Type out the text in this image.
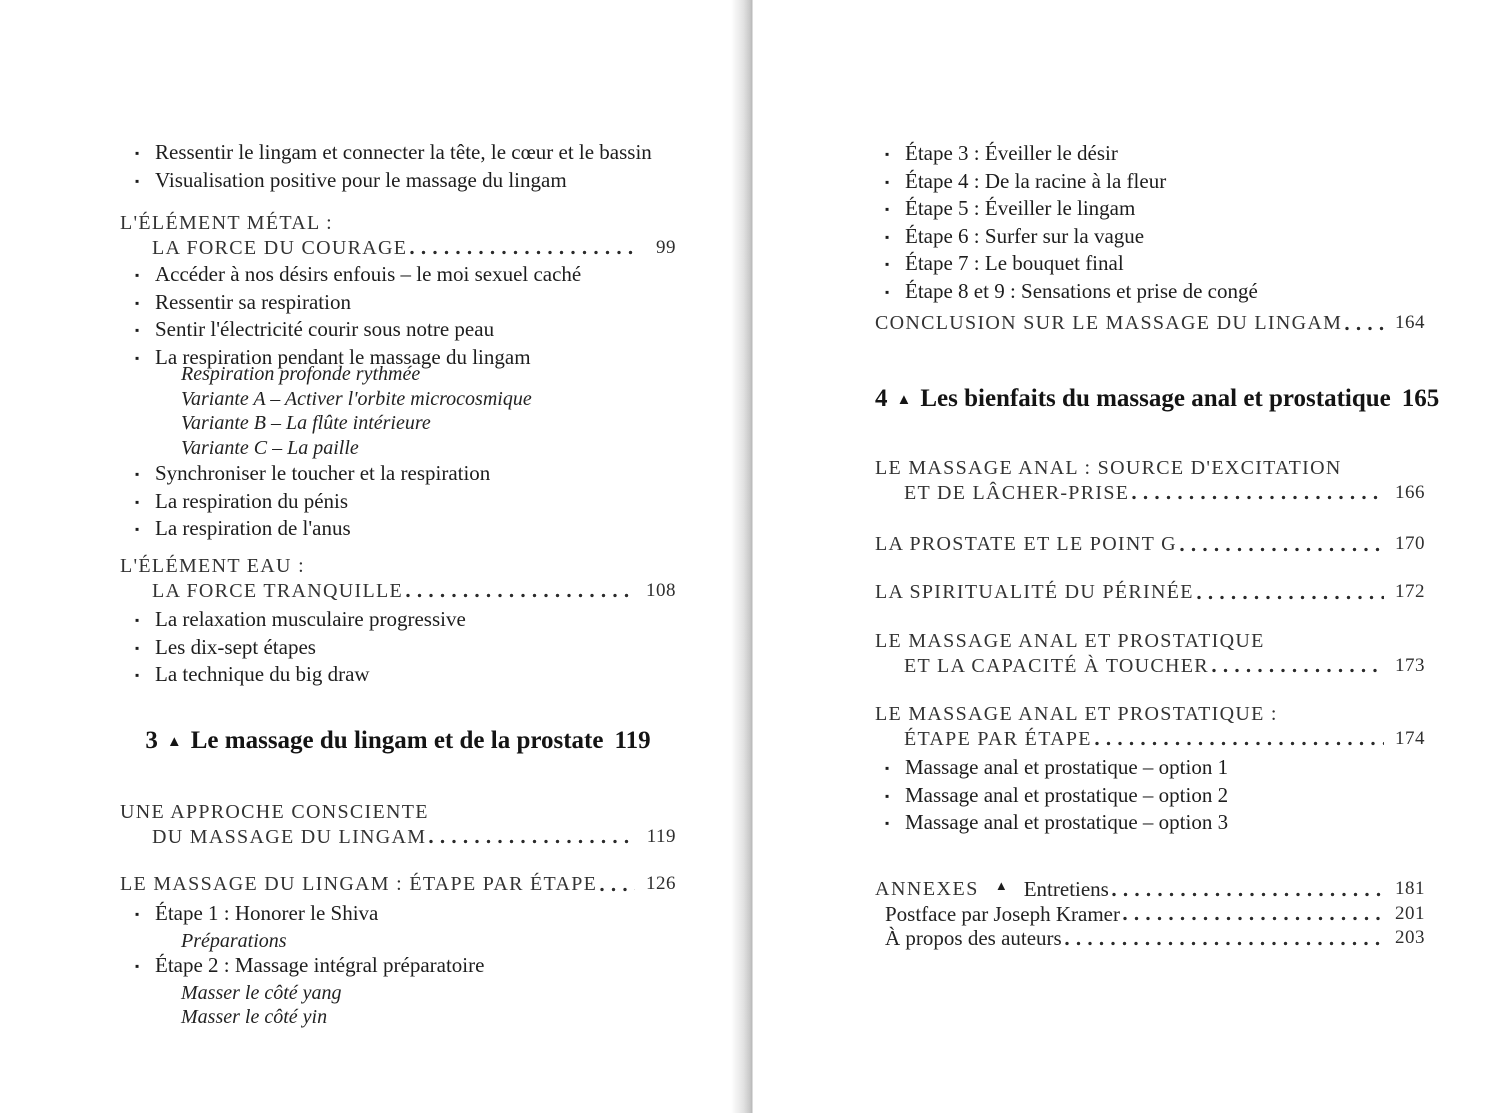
▪ Ressentir le lingam et connecter la tête, le cœur et le bassin
▪ Visualisation positive pour le massage du lingam
L'ÉLÉMENT MÉTAL :
LA FORCE DU COURAGE	99
▪ Accéder à nos désirs enfouis – le moi sexuel caché
▪ Ressentir sa respiration
▪ Sentir l'électricité courir sous notre peau
▪ La respiration pendant le massage du lingam
Respiration profonde rythmée
Variante A – Activer l'orbite microcosmique
Variante B – La flûte intérieure
Variante C – La paille
▪ Synchroniser le toucher et la respiration
▪ La respiration du pénis
▪ La respiration de l'anus
L'ÉLÉMENT EAU :
LA FORCE TRANQUILLE	108
▪ La relaxation musculaire progressive
▪ Les dix-sept étapes
▪ La technique du big draw
3 ▲ Le massage du lingam et de la prostate 119
UNE APPROCHE CONSCIENTE
DU MASSAGE DU LINGAM	119
LE MASSAGE DU LINGAM : ÉTAPE PAR ÉTAPE	126
▪ Étape 1 : Honorer le Shiva
Préparations
▪ Étape 2 : Massage intégral préparatoire
Masser le côté yang
Masser le côté yin
▪ Étape 3 : Éveiller le désir
▪ Étape 4 : De la racine à la fleur
▪ Étape 5 : Éveiller le lingam
▪ Étape 6 : Surfer sur la vague
▪ Étape 7 : Le bouquet final
▪ Étape 8 et 9 : Sensations et prise de congé
CONCLUSION SUR LE MASSAGE DU LINGAM	164
4 ▲ Les bienfaits du massage anal et prostatique 165
LE MASSAGE ANAL : SOURCE D'EXCITATION
ET DE LÂCHER-PRISE	166
LA PROSTATE ET LE POINT G	170
LA SPIRITUALITÉ DU PÉRINÉE	172
LE MASSAGE ANAL ET PROSTATIQUE
ET LA CAPACITÉ À TOUCHER	173
LE MASSAGE ANAL ET PROSTATIQUE :
ÉTAPE PAR ÉTAPE	174
▪ Massage anal et prostatique – option 1
▪ Massage anal et prostatique – option 2
▪ Massage anal et prostatique – option 3
ANNEXES ▲ Entretiens	181
Postface par Joseph Kramer	201
À propos des auteurs	203
